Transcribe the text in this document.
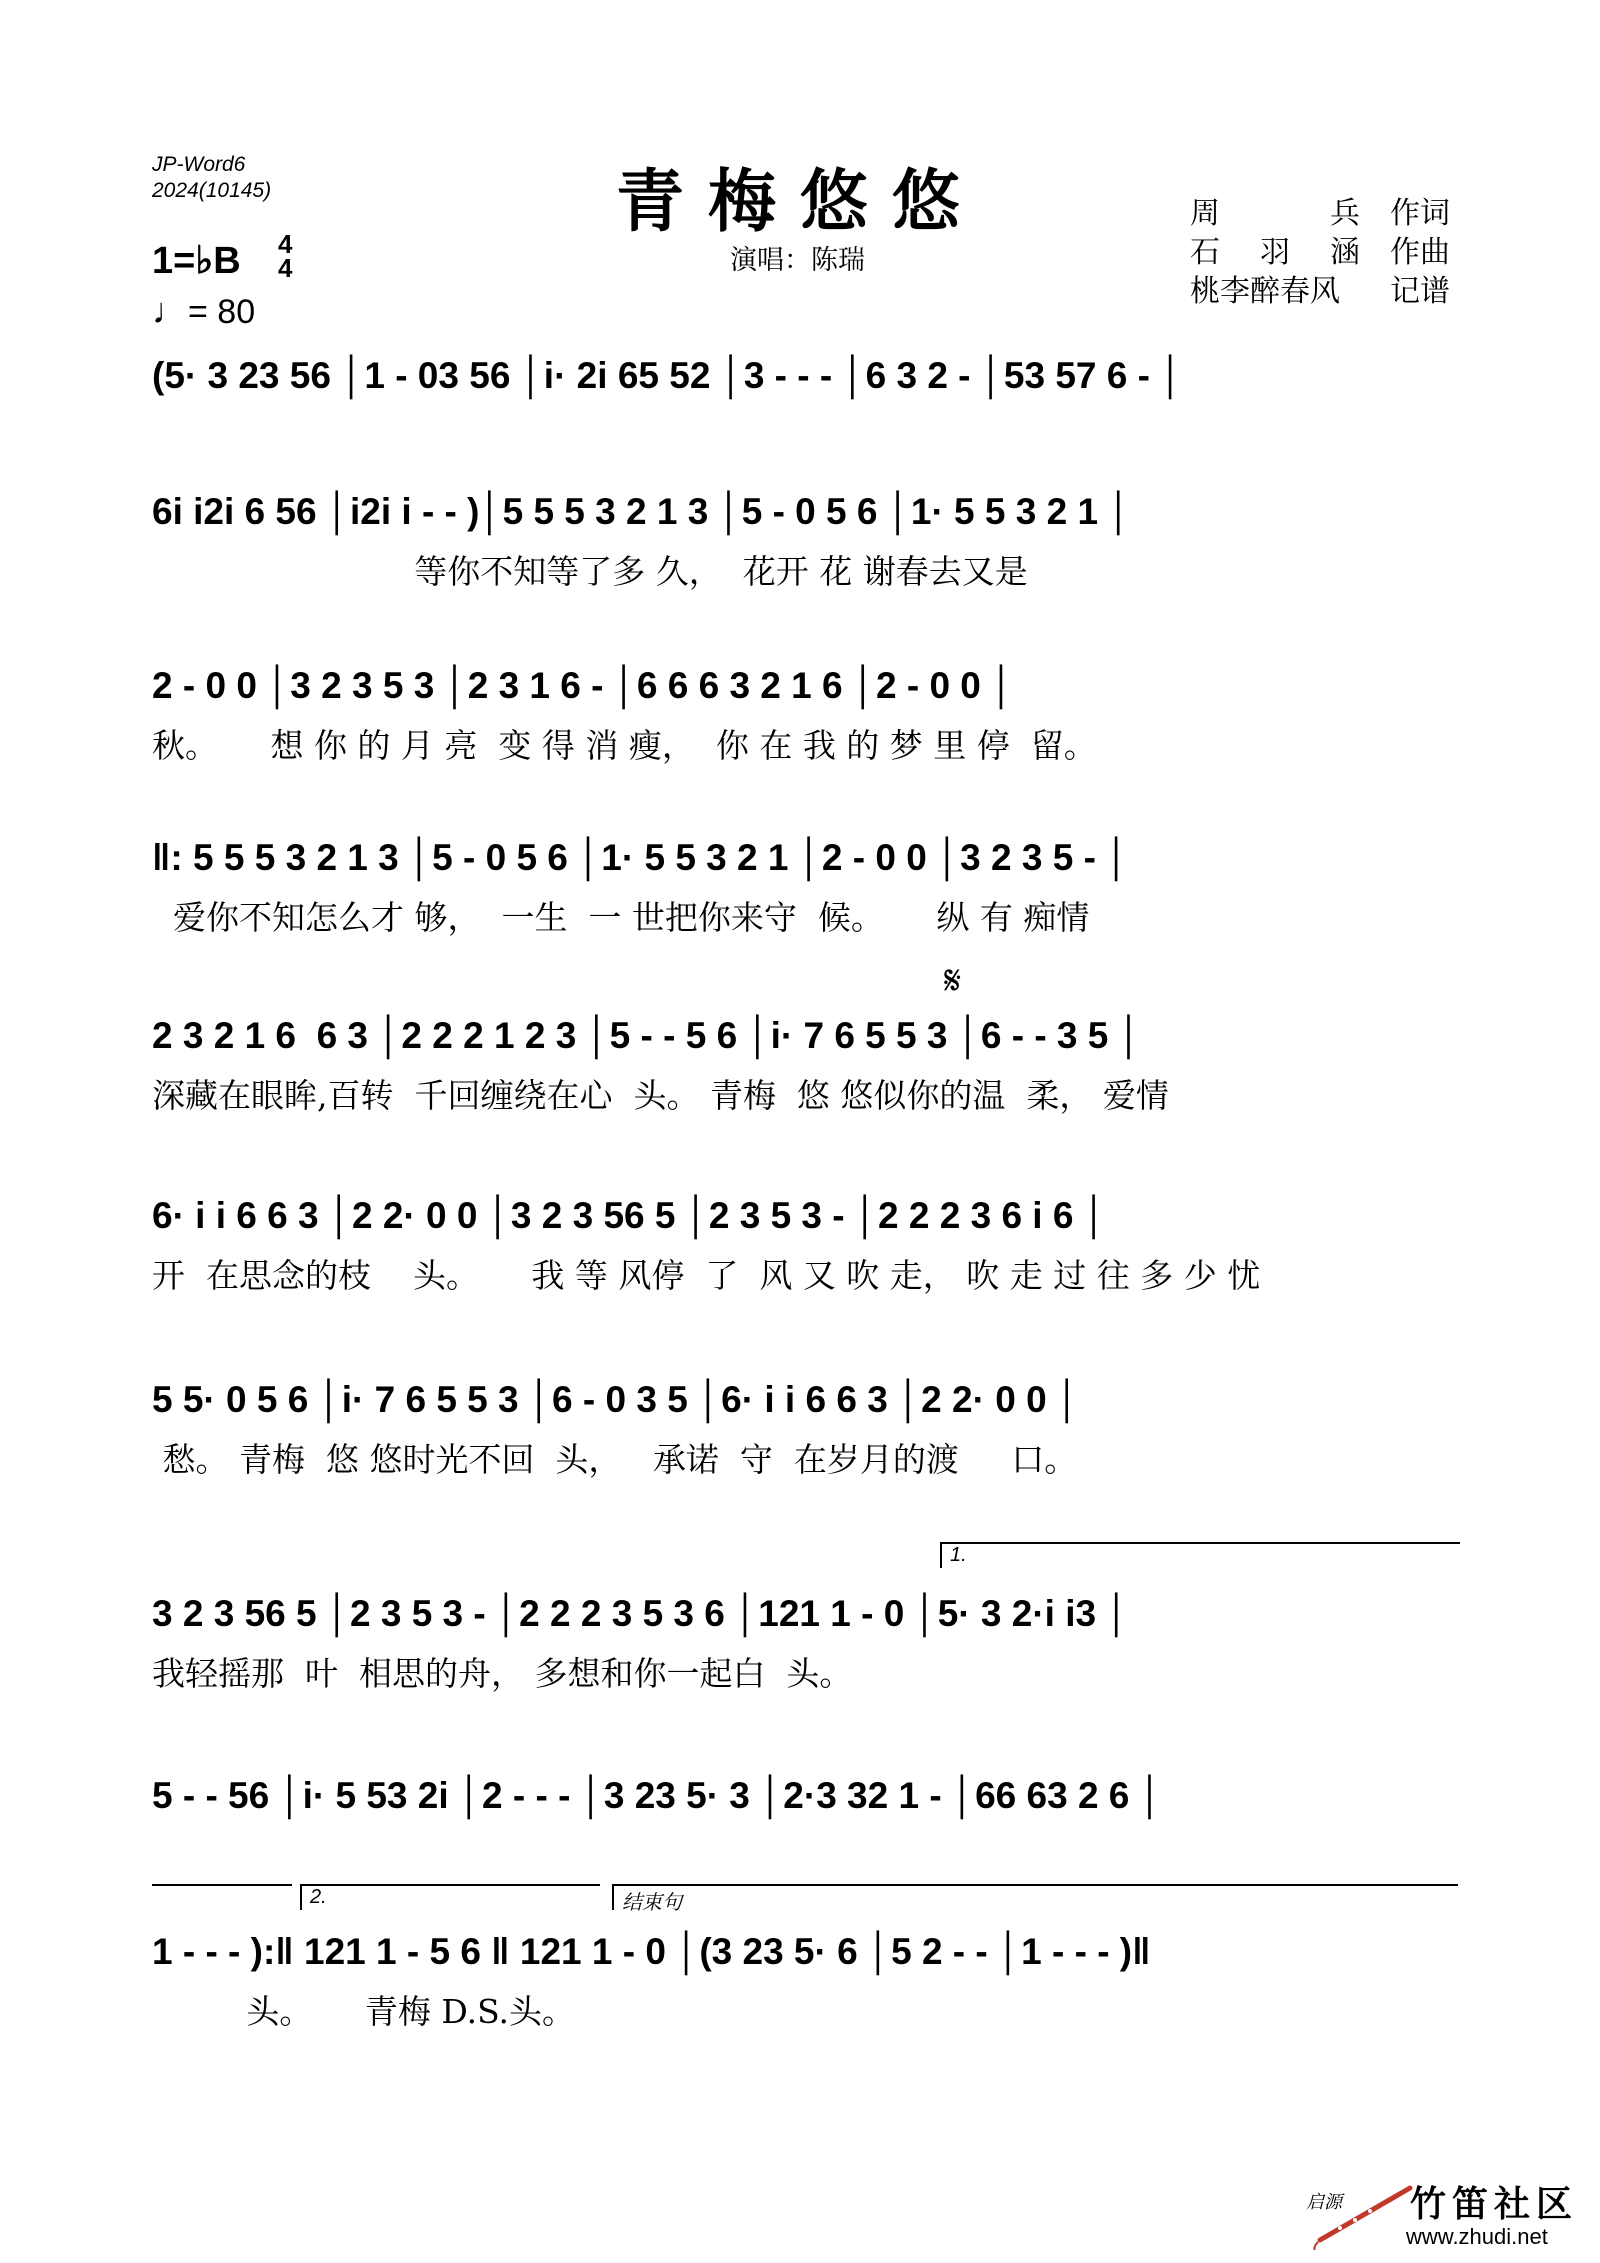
JP-Word6
2024(10145)	青梅悠悠
演唱：陈瑞
周	兵 作词
石 羽 涵 作曲
桃李醉春风 记谱
1=♭B 4
4
♩= 80
(5· 3 23 56 │1 - 03 56 │i· 2i 65 52 │3 - - - │6 3 2 - │53 57 6 - │
6i i2i 6 56 │i2i i - - )│5 5 5 3 2 1 3 │5 - 0 5 6 │1· 5 5 3 2 1 │
等你不知等了多 久，  花开 花 谢春去又是
2 - 0 0 │3 2 3 5 3 │2 3 1 6 - │6 6 6 3 2 1 6 │2 - 0 0 │
秋。     想 你 的 月 亮  变 得 消 瘦，  你 在 我 的 梦 里 停  留。
‖: 5 5 5 3 2 1 3 │5 - 0 5 6 │1· 5 5 3 2 1 │2 - 0 0 │3 2 3 5 - │
爱你不知怎么才 够，  一生  一 世把你来守  候。     纵 有 痴情
𝄋
2 3 2 1 6  6 3 │2 2 2 1 2 3 │5 - - 5 6 │i· 7 6 5 5 3 │6 - - 3 5 │
深藏在眼眸,百转  千回缠绕在心  头。 青梅  悠 悠似你的温  柔， 爱情
6· i i 6 6 3 │2 2· 0 0 │3 2 3 56 5 │2 3 5 3 - │2 2 2 3 6 i 6 │
开  在思念的枝    头。     我 等 风停  了  风 又 吹 走， 吹 走 过 往 多 少 忧
5 5· 0 5 6 │i· 7 6 5 5 3 │6 - 0 3 5 │6· i i 6 6 3 │2 2· 0 0 │
愁。 青梅  悠 悠时光不回  头，   承诺  守  在岁月的渡     口。
1.
3 2 3 56 5 │2 3 5 3 - │2 2 2 3 5 3 6 │121 1 - 0 │5· 3 2·i i3 │
我轻摇那  叶  相思的舟， 多想和你一起白  头。
5 - - 56 │i· 5 53 2i │2 - - - │3 23 5· 3 │2·3 32 1 - │66 63 2 6 │
2.	结束句
1 - - - ):‖ 121 1 - 5 6 ‖ 121 1 - 0 │(3 23 5· 6 │5 2 - - │1 - - - )‖
头。     青梅 D.S.头。
启源 竹笛社区
www.zhudi.net
